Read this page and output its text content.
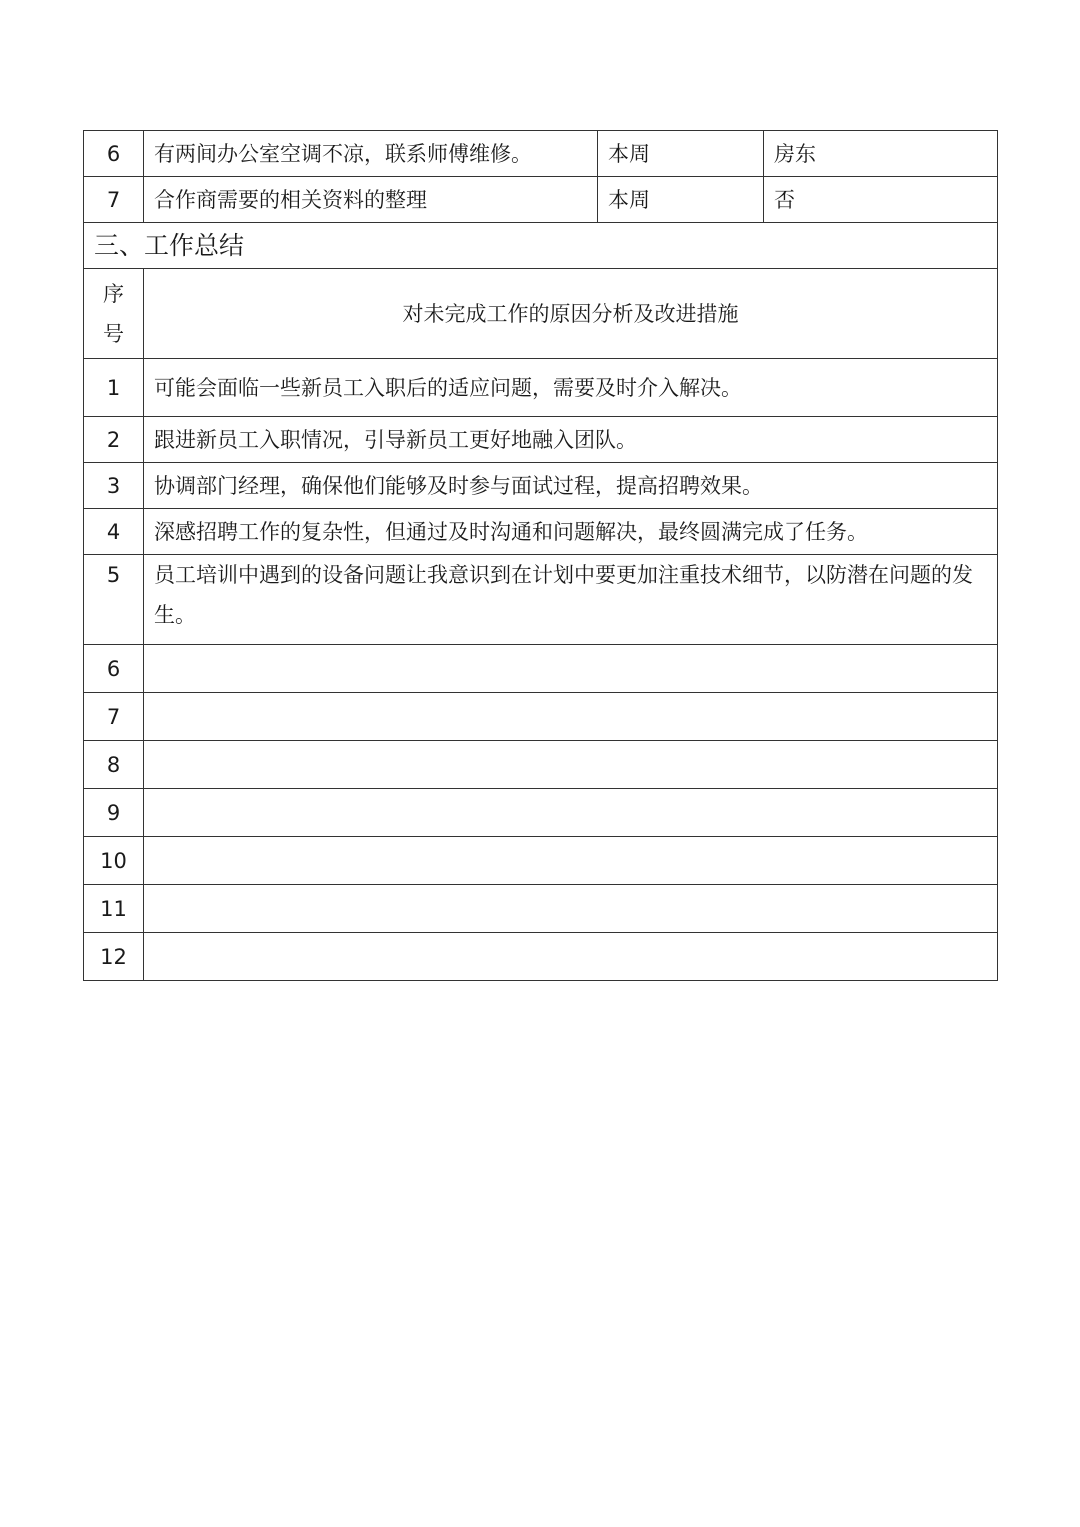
6	有两间办公室空调不凉，联系师傅维修。	本周	房东
7	合作商需要的相关资料的整理	本周	否
三、工作总结			

序
号	对未完成工作的原因分析及改进措施		
1	可能会面临一些新员工入职后的适应问题，需要及时介入解决。		
2	跟进新员工入职情况，引导新员工更好地融入团队。		
3	协调部门经理，确保他们能够及时参与面试过程，提高招聘效果。		
4	深感招聘工作的复杂性，但通过及时沟通和问题解决，最终圆满完成了任务。		
5	员工培训中遇到的设备问题让我意识到在计划中要更加注重技术细节，以防潜在问题的发生。		
6			
7			
8			
9			
10			
11			
12			
